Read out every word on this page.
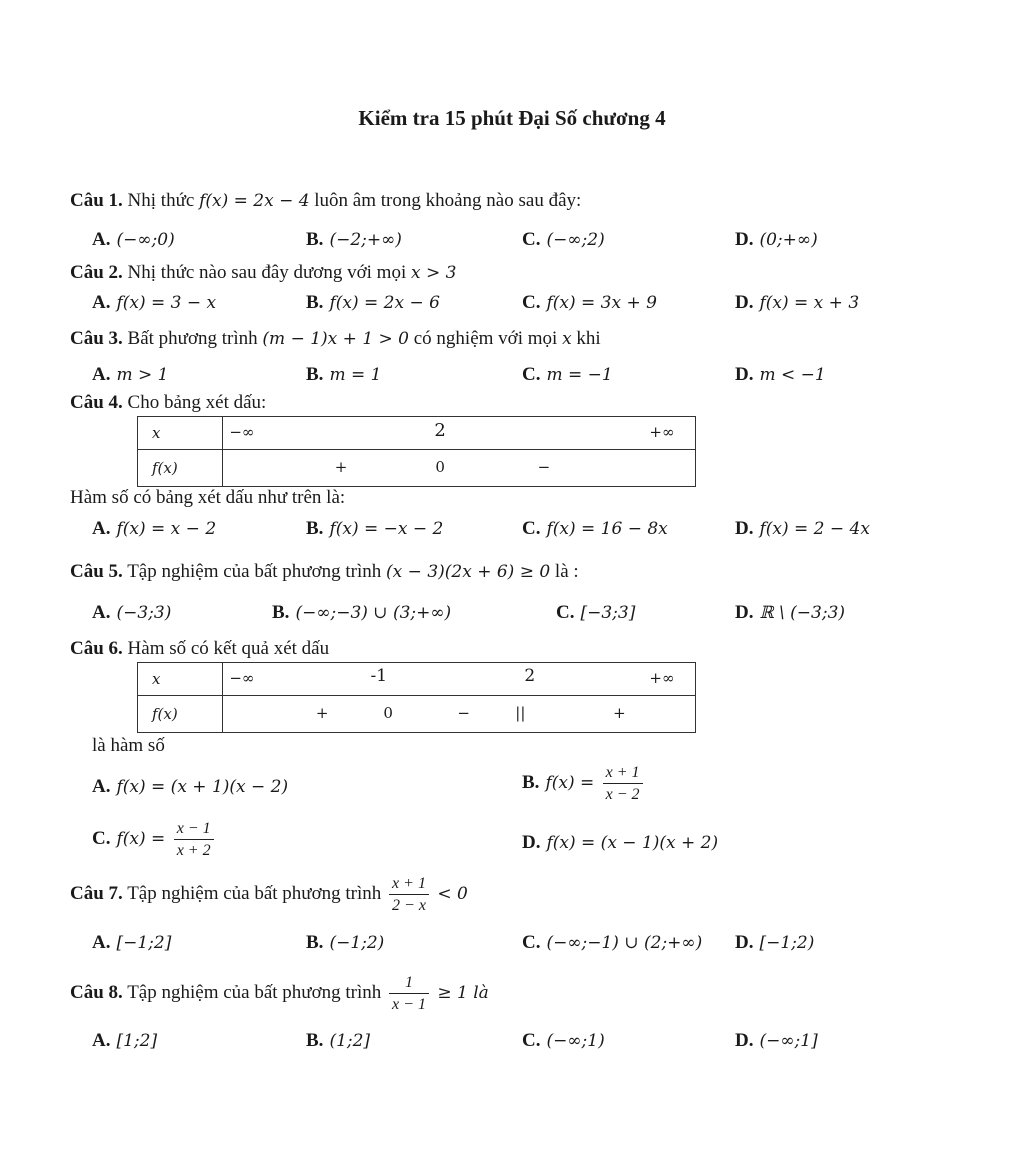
Kiểm tra 15 phút Đại Số chương 4
Câu 1. Nhị thức f(x) = 2x − 4 luôn âm trong khoảng nào sau đây:
A. (−∞;0)	B. (−2;+∞)	C. (−∞;2)	D. (0;+∞)
Câu 2. Nhị thức nào sau đây dương với mọi x > 3
A. f(x) = 3 − x	B. f(x) = 2x − 6	C. f(x) = 3x + 9	D. f(x) = x + 3
Câu 3. Bất phương trình (m − 1)x + 1 > 0 có nghiệm với mọi x khi
A. m > 1	B. m = 1	C. m = −1	D. m < −1
Câu 4. Cho bảng xét dấu:
x	−∞ 2 +∞

f(x)	+ 0 −
Hàm số có bảng xét dấu như trên là:
A. f(x) = x − 2	B. f(x) = −x − 2	C. f(x) = 16 − 8x	D. f(x) = 2 − 4x
Câu 5. Tập nghiệm của bất phương trình (x − 3)(2x + 6) ≥ 0 là :
A. (−3;3)	B. (−∞;−3) ∪ (3;+∞)	C. [−3;3]	D. ℝ \ (−3;3)
Câu 6. Hàm số có kết quả xét dấu
x	−∞ -1 2 +∞

f(x)	+ 0 − || +
là hàm số
A. f(x) = (x + 1)(x − 2)	B. $f(x) = \frac{x + 1}{x - 2}$
C. $f(x) = \frac{x - 1}{x + 2}$	D. f(x) = (x − 1)(x + 2)
Câu 7. Tập nghiệm của bất phương trình $\frac{x + 1}{2 - x} < 0$
A. [−1;2]	B. (−1;2)	C. (−∞;−1) ∪ (2;+∞) D. [−1;2)
Câu 8. Tập nghiệm của bất phương trình $\frac{1}{x - 1} \ge 1$ là
A. [1;2]	B. (1;2]	C. (−∞;1)	D. (−∞;1]
